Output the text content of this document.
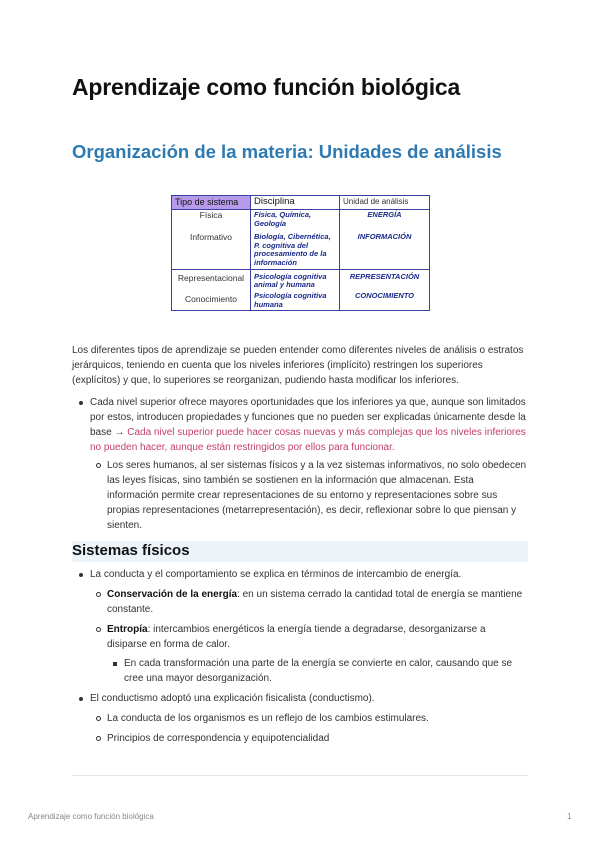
Aprendizaje como función biológica
Organización de la materia: Unidades de análisis
Tipo de sistema	Disciplina	Unidad de análisis
Física	Física, Química, Geología	ENERGÍA
Informativo	Biología, Cibernética, P. cognitiva del procesamiento de la información	INFORMACIÓN
Representacional	Psicología cognitiva animal y humana	REPRESENTACIÓN
Conocimiento	Psicología cognitiva humana	CONOCIMIENTO
Los diferentes tipos de aprendizaje se pueden entender como diferentes niveles de análisis o estratos jerárquicos, teniendo en cuenta que los niveles inferiores (implícito) restringen los superiores (explícitos) y que, lo superiores se reorganizan, pudiendo hasta modificar los inferiores.
Cada nivel superior ofrece mayores oportunidades que los inferiores ya que, aunque son limitados por estos, introducen propiedades y funciones que no pueden ser explicadas únicamente desde la base → Cada nivel superior puede hacer cosas nuevas y más complejas que los niveles inferiores no pueden hacer, aunque están restringidos por ellos para funcionar.
Los seres humanos, al ser sistemas físicos y a la vez sistemas informativos, no solo obedecen las leyes físicas, sino también se sostienen en la información que almacenan. Esta información permite crear representaciones de su entorno y representaciones sobre sus propias representaciones (metarrepresentación), es decir, reflexionar sobre lo que piensan y sienten.
Sistemas físicos
La conducta y el comportamiento se explica en términos de intercambio de energía.
Conservación de la energía: en un sistema cerrado la cantidad total de energía se mantiene constante.
Entropía: intercambios energéticos la energía tiende a degradarse, desorganizarse a disiparse en forma de calor.
En cada transformación una parte de la energía se convierte en calor, causando que se cree una mayor desorganización.
El conductismo adoptó una explicación fisicalista (conductismo).
La conducta de los organismos es un reflejo de los cambios estimulares.
Principios de correspondencia y equipotencialidad
Aprendizaje como función biológica	1
